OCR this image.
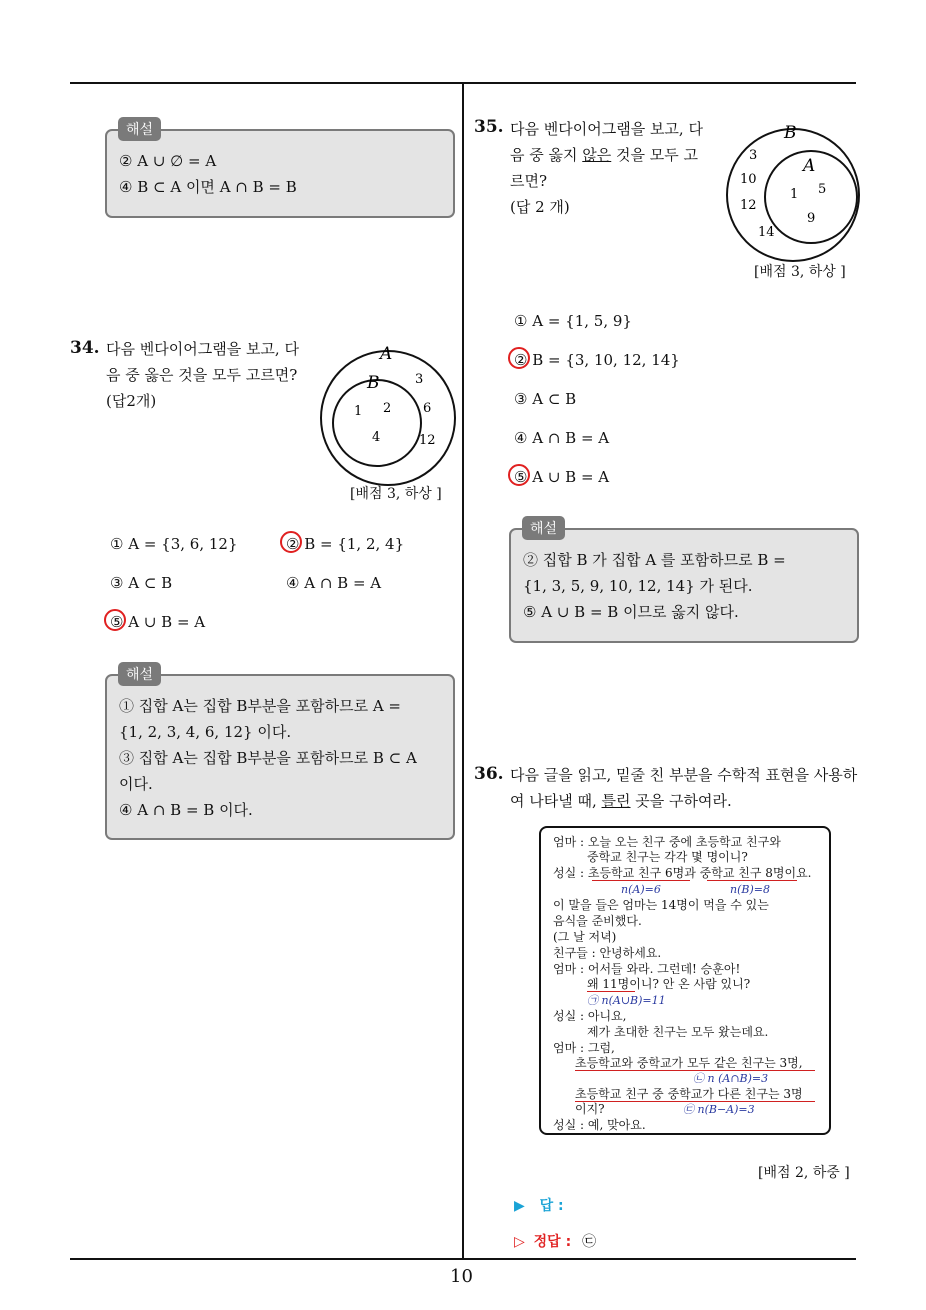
② A ∪ ∅ = A
④ B ⊂ A 이면 A ∩ B = B
해설
34. 다음 벤다이어그램을 보고, 다
음 중 옳은 것을 모두 고르면?
(답2개)
A
B
1 2
4
3
6
12
[배점 3, 하상 ]
① A = {3, 6, 12}	② B = {1, 2, 4}
③ A ⊂ B	④ A ∩ B = A
⑤ A ∪ B = A
① 집합 A는 집합 B부분을 포함하므로 A =
{1, 2, 3, 4, 6, 12} 이다.
③ 집합 A는 집합 B부분을 포함하므로 B ⊂ A
이다.
④ A ∩ B = B 이다.
해설
35. 다음 벤다이어그램을 보고, 다
음 중 옳지 않은 것을 모두 고
르면?
(답 2 개)
B
A
1 5
9
3
10
12
14
[배점 3, 하상 ]
① A = {1, 5, 9}
② B = {3, 10, 12, 14}
③ A ⊂ B
④ A ∩ B = A
⑤ A ∪ B = A
② 집합 B 가 집합 A 를 포함하므로 B =
{1, 3, 5, 9, 10, 12, 14} 가 된다.
⑤ A ∪ B = B 이므로 옳지 않다.
해설
36. 다음 글을 읽고, 밑줄 친 부분을 수학적 표현을 사용하
여 나타낼 때, 틀린 곳을 구하여라.
엄마 : 오늘 오는 친구 중에 초등학교 친구와
중학교 친구는 각각 몇 명이니?
성실 : 초등학교 친구 6명과 중학교 친구 8명이요.
n(A)=6	n(B)=8
이 말을 들은 엄마는 14명이 먹을 수 있는
음식을 준비했다.
(그 날 저녁)
친구들 : 안녕하세요.
엄마 : 어서들 와라. 그런데! 승훈아!
왜 11명이니? 안 온 사람 있니?
㉠ n(A∪B)=11
성실 : 아니요,
제가 초대한 친구는 모두 왔는데요.
엄마 : 그럼,
초등학교와 중학교가 모두 같은 친구는 3명,
㉡ n (A∩B)=3
초등학교 친구 중 중학교가 다른 친구는 3명
이지?	㉢ n(B−A)=3
성실 : 예, 맞아요.
[배점 2, 하중 ]
▶ 답 :
▷ 정답 : ㉢
10
